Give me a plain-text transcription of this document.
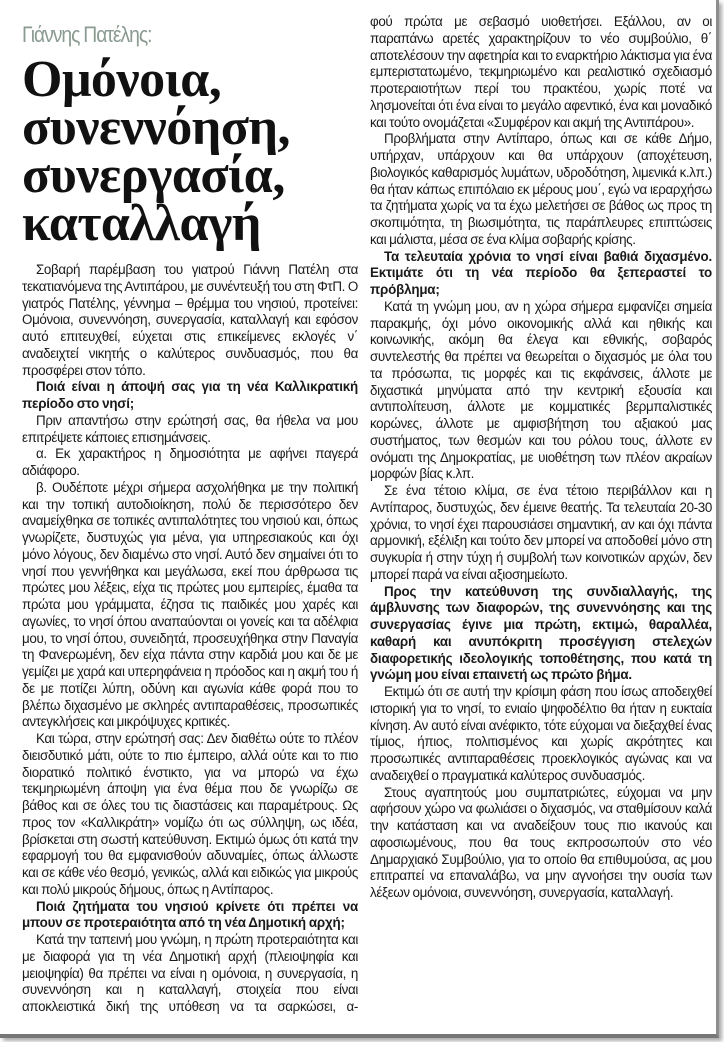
Γιάννης Πατέλης:
Ομόνοια,
συνεννόηση,
συνεργασία,
καταλλαγή

Σοβαρή παρέμβαση του γιατρού Γιάννη Πατέλη στα τεκατιανόμενα της Αντιπάρου, με συνέντευξή του στη ΦτΠ. Ο γιατρός Πατέλης, γέννημα – θρέμμα του νησιού, προτείνει: Ομόνοια, συνεννόηση, συνεργασία, καταλλαγή και εφόσον αυτό επιτευχθεί, εύχεται στις επικείμενες εκλογές ν΄ αναδειχτεί νικητής ο καλύτερος συνδυασμός, που θα προσφέρει στον τόπο.

Ποιά είναι η άποψή σας για τη νέα Καλλικρατική περίοδο στο νησί;

Πριν απαντήσω στην ερώτησή σας, θα ήθελα να μου επιτρέψετε κάποιες επισημάνσεις.

α. Εκ χαρακτήρος η δημοσιότητα με αφήνει παγερά αδιάφορο.

β. Ουδέποτε μέχρι σήμερα ασχολήθηκα με την πολιτική και την τοπική αυτοδιοίκηση, πολύ δε περισσότερο δεν αναμείχθηκα σε τοπικές αντιπαλότητες του νησιού και, όπως γνωρίζετε, δυστυχώς για μένα, για υπηρεσιακούς και όχι μόνο λόγους, δεν διαμένω στο νησί. Αυτό δεν σημαίνει ότι το νησί που γεννήθηκα και μεγάλωσα, εκεί που άρθρωσα τις πρώτες μου λέξεις, είχα τις πρώτες μου εμπειρίες, έμαθα τα πρώτα μου γράμματα, έζησα τις παιδικές μου χαρές και αγωνίες, το νησί όπου αναπαύονται οι γονείς και τα αδέλφια μου, το νησί όπου, συνειδητά, προσευχήθηκα στην Παναγία τη Φανερωμένη, δεν είχα πάντα στην καρδιά μου και δε με γεμίζει με χαρά και υπερηφάνεια η πρόοδος και η ακμή του ή δε με ποτίζει λύπη, οδύνη και αγωνία κάθε φορά που το βλέπω διχασμένο με σκληρές αντιπαραθέσεις, προσωπικές αντεγκλήσεις και μικρόψυχες κριτικές.

Και τώρα, στην ερώτησή σας: Δεν διαθέτω ούτε το πλέον διεισδυτικό μάτι, ούτε το πιο έμπειρο, αλλά ούτε και το πιο διορατικό πολιτικό ένστικτο, για να μπορώ να έχω τεκμηριωμένη άποψη για ένα θέμα που δε γνωρίζω σε βάθος και σε όλες του τις διαστάσεις και παραμέτρους. Ως προς τον «Καλλικράτη» νομίζω ότι ως σύλληψη, ως ιδέα, βρίσκεται στη σωστή κατεύθυνση. Εκτιμώ όμως ότι κατά την εφαρμογή του θα εμφανισθούν αδυναμίες, όπως άλλωστε και σε κάθε νέο θεσμό, γενικώς, αλλά και ειδικώς για μικρούς και πολύ μικρούς δήμους, όπως η Αντίπαρος.

Ποιά ζητήματα του νησιού κρίνετε ότι πρέπει να μπουν σε προτεραιότητα από τη νέα Δημοτική αρχή;

Κατά την ταπεινή μου γνώμη, η πρώτη προτεραιότητα και με διαφορά για τη νέα Δημοτική αρχή (πλειοψηφία και μειοψηφία) θα πρέπει να είναι η ομόνοια, η συνεργασία, η συνεννόηση και η καταλλαγή, στοιχεία που είναι αποκλειστικά δική της υπόθεση να τα σαρκώσει, α-

φού πρώτα με σεβασμό υιοθετήσει. Εξάλλου, αν οι παραπάνω αρετές χαρακτηρίζουν το νέο συμβούλιο, θ΄ αποτελέσουν την αφετηρία και το εναρκτήριο λάκτισμα για ένα εμπεριστατωμένο, τεκμηριωμένο και ρεαλιστικό σχεδιασμό προτεραιοτήτων περί του πρακτέου, χωρίς ποτέ να λησμονείται ότι ένα είναι το μεγάλο αφεντικό, ένα και μοναδικό και τούτο ονομάζεται «Συμφέρον και ακμή της Αντιπάρου».

Προβλήματα στην Αντίπαρο, όπως και σε κάθε Δήμο, υπήρχαν, υπάρχουν και θα υπάρχουν (αποχέτευση, βιολογικός καθαρισμός λυμάτων, υδροδότηση, λιμενικά κ.λπ.) θα ήταν κάπως επιπόλαιο εκ μέρους μου΄, εγώ να ιεραρχήσω τα ζητήματα χωρίς να τα έχω μελετήσει σε βάθος ως προς τη σκοπιμότητα, τη βιωσιμότητα, τις παράπλευρες επιπτώσεις και μάλιστα, μέσα σε ένα κλίμα σοβαρής κρίσης.

Τα τελευταία χρόνια το νησί είναι βαθιά διχασμένο. Εκτιμάτε ότι τη νέα περίοδο θα ξεπεραστεί το πρόβλημα;

Κατά τη γνώμη μου, αν η χώρα σήμερα εμφανίζει σημεία παρακμής, όχι μόνο οικονομικής αλλά και ηθικής και κοινωνικής, ακόμη θα έλεγα και εθνικής, σοβαρός συντελεστής θα πρέπει να θεωρείται ο διχασμός με όλα του τα πρόσωπα, τις μορφές και τις εκφάνσεις, άλλοτε με διχαστικά μηνύματα από την κεντρική εξουσία και αντιπολίτευση, άλλοτε με κομματικές βερμπαλιστικές κορώνες, άλλοτε με αμφισβήτηση του αξιακού μας συστήματος, των θεσμών και του ρόλου τους, άλλοτε εν ονόματι της Δημοκρατίας, με υιοθέτηση των πλέον ακραίων μορφών βίας κ.λπ.

Σε ένα τέτοιο κλίμα, σε ένα τέτοιο περιβάλλον και η Αντίπαρος, δυστυχώς, δεν έμεινε θεατής. Τα τελευταία 20-30 χρόνια, το νησί έχει παρουσιάσει σημαντική, αν και όχι πάντα αρμονική, εξέλιξη και τούτο δεν μπορεί να αποδοθεί μόνο στη συγκυρία ή στην τύχη ή συμβολή των κοινοτικών αρχών, δεν μπορεί παρά να είναι αξιοσημείωτο.

Προς την κατεύθυνση της συνδιαλλαγής, της άμβλυνσης των διαφορών, της συνεννόησης και της συνεργασίας έγινε μια πρώτη, εκτιμώ, θαραλλέα, καθαρή και ανυπόκριτη προσέγγιση στελεχών διαφορετικής ιδεολογικής τοποθέτησης, που κατά τη γνώμη μου είναι επαινετή ως πρώτο βήμα.

Εκτιμώ ότι σε αυτή την κρίσιμη φάση που ίσως αποδειχθεί ιστορική για το νησί, το ενιαίο ψηφοδέλτιο θα ήταν η ευκταία κίνηση. Αν αυτό είναι ανέφικτο, τότε εύχομαι να διεξαχθεί ένας τίμιος, ήπιος, πολιτισμένος και χωρίς ακρότητες και προσωπικές αντιπαραθέσεις προεκλογικός αγώνας και να αναδειχθεί ο πραγματικά καλύτερος συνδυασμός.

Στους αγαπητούς μου συμπατριώτες, εύχομαι να μην αφήσουν χώρο να φωλιάσει ο διχασμός, να σταθμίσουν καλά την κατάσταση και να αναδείξουν τους πιο ικανούς και αφοσιωμένους, που θα τους εκπροσωπούν στο νέο Δημαρχιακό Συμβούλιο, για το οποίο θα επιθυμούσα, ας μου επιτραπεί να επαναλάβω, να μην αγνοήσει την ουσία των λέξεων ομόνοια, συνεννόηση, συνεργασία, καταλλαγή.
